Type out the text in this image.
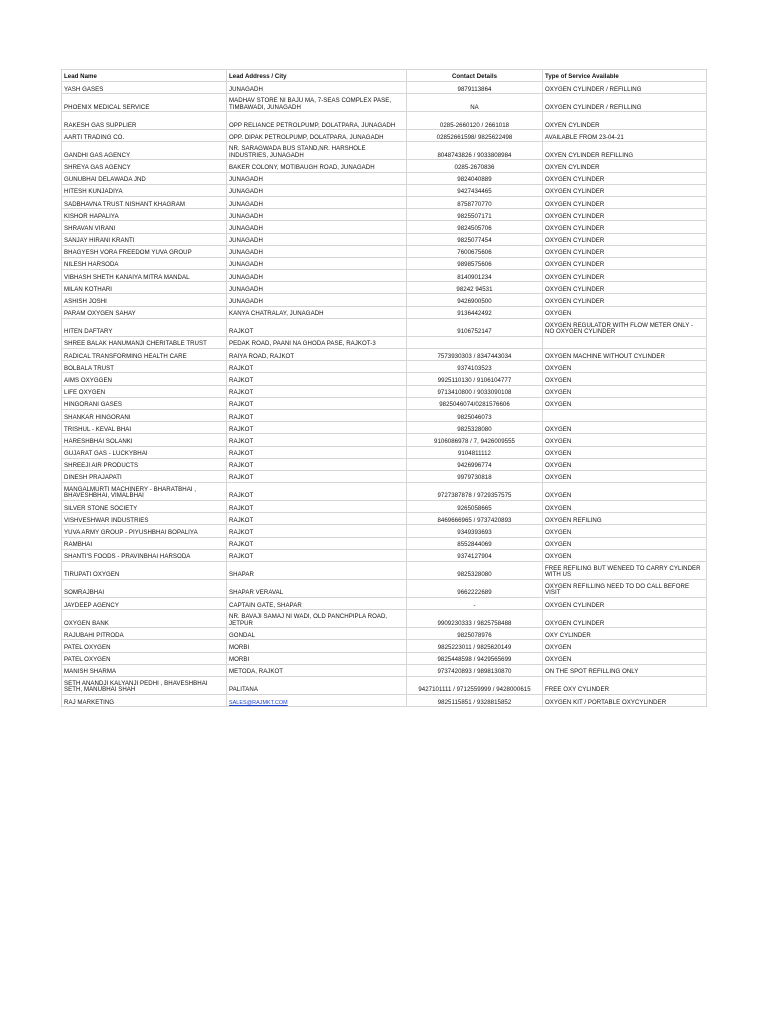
Lead Name	Lead Address / City	Contact Details	Type of Service Available
YASH GASES	JUNAGADH	9879113864	OXYGEN CYLINDER / REFILLING
PHOENIX MEDICAL SERVICE	MADHAV STORE NI BAJU MA, 7-SEAS COMPLEX PASE, TIMBAWADI, JUNAGADH	NA	OXYGEN CYLINDER / REFILLING
RAKESH GAS SUPPLIER	OPP RELIANCE PETROLPUMP, DOLATPARA, JUNAGADH	0285-2660120 / 2661018	OXYEN CYLINDER
AARTI TRADING CO.	OPP. DIPAK PETROLPUMP, DOLATPARA, JUNAGADH	02852661598/ 9825622498	AVAILABLE FROM 23-04-21
GANDHI GAS AGENCY	NR. SARAGWADA BUS STAND,NR. HARSHOLE INDUSTRIES, JUNAGADH	8048743826 / 9033808984	OXYEN CYLINDER REFILLING
SHREYA GAS AGENCY	BAKER COLONY, MOTIBAUGH ROAD, JUNAGADH	0285-2670836	OXYEN CYLINDER
GUNUBHAI DELAWADA JND	JUNAGADH	9824040889	OXYGEN CYLINDER
HITESH KUNJADIYA	JUNAGADH	9427434465	OXYGEN CYLINDER
SADBHAVNA TRUST NISHANT KHAGRAM	JUNAGADH	8758770770	OXYGEN CYLINDER
KISHOR HAPALIYA	JUNAGADH	9825507171	OXYGEN CYLINDER
SHRAVAN VIRANI	JUNAGADH	9824505706	OXYGEN CYLINDER
SANJAY HIRANI KRANTI	JUNAGADH	9825077454	OXYGEN CYLINDER
BHAGYESH VORA FREEDOM YUVA GROUP	JUNAGADH	7600675606	OXYGEN CYLINDER
NILESH HARSODA	JUNAGADH	9898575606	OXYGEN CYLINDER
VIBHASH SHETH KANAIYA MITRA MANDAL	JUNAGADH	8140901234	OXYGEN CYLINDER
MILAN KOTHARI	JUNAGADH	98242 94531	OXYGEN CYLINDER
ASHISH JOSHI	JUNAGADH	9426900500	OXYGEN CYLINDER
PARAM OXYGEN SAHAY	KANYA CHATRALAY, JUNAGADH	9136442492	OXYGEN
HITEN DAFTARY	RAJKOT	9106752147	OXYGEN REGULATOR WITH FLOW METER ONLY - NO OXYGEN CYLINDER
SHREE BALAK HANUMANJI CHERITABLE TRUST	PEDAK ROAD, PAANI NA GHODA PASE, RAJKOT-3		
RADICAL TRANSFORMING HEALTH CARE	RAIYA ROAD, RAJKOT	7573930303 / 8347443034	OXYGEN MACHINE WITHOUT CYLINDER
BOLBALA TRUST	RAJKOT	9374103523	OXYGEN
AIMS OXYGGEN	RAJKOT	9925110130 / 9106104777	OXYGEN
LIFE OXYGEN	RAJKOT	9713410800 / 9033090108	OXYGEN
HINGORANI GASES	RAJKOT	9825046074/0281576606	OXYGEN
SHANKAR HINGORANI	RAJKOT	9825046073	
TRISHUL - KEVAL BHAI	RAJKOT	9825328080	OXYGEN
HARESHBHAI SOLANKI	RAJKOT	9106086978 / 7, 9426009555	OXYGEN
GUJARAT GAS - LUCKYBHAI	RAJKOT	9104811112	OXYGEN
SHREEJI AIR PRODUCTS	RAJKOT	9426996774	OXYGEN
DINESH PRAJAPATI	RAJKOT	9979730818	OXYGEN
MANGALMURTI MACHINERY - BHARATBHAI , BHAVESHBHAI, VIMALBHAI	RAJKOT	9727387878 / 9729357575	OXYGEN
SILVER STONE SOCIETY	RAJKOT	9265058665	OXYGEN
VISHVESHWAR INDUSTRIES	RAJKOT	8469666965 / 9737420893	OXYGEN REFILING
YUVA ARMY GROUP - PIYUSHBHAI BOPALIYA	RAJKOT	9349393693	OXYGEN
RAMBHAI	RAJKOT	8552844069	OXYGEN
SHANTI'S FOODS - PRAVINBHAI HARSODA	RAJKOT	9374127904	OXYGEN
TIRUPATI OXYGEN	SHAPAR	9825328080	FREE REFILING BUT WENEED TO CARRY CYLINDER WITH US
SOMRAJBHAI	SHAPAR VERAVAL	9662222689	OXYGEN REFILLING NEED TO DO CALL BEFORE VISIT
JAYDEEP AGENCY	CAPTAIN GATE, SHAPAR	-	OXYGEN CYLINDER
OXYGEN BANK	NR. BAVAJI SAMAJ NI WADI, OLD PANCHPIPLA ROAD, JETPUR	9909230333 / 9825758488	OXYGEN CYLINDER
RAJUBAHI PITRODA	GONDAL	9825078976	OXY CYLINDER
PATEL OXYGEN	MORBI	9825223011 / 9825620149	OXYGEN
PATEL OXYGEN	MORBI	9825448598 / 9429565699	OXYGEN
MANISH SHARMA	METODA, RAJKOT	9737420893 / 9898130870	ON THE SPOT REFILLING ONLY
SETH ANANDJI KALYANJI PEDHI , BHAVESHBHAI SETH, MANUBHAI SHAH	PALITANA	9427101111 / 9712559999 / 9428000615	FREE OXY CYLINDER
RAJ MARKETING	SALES@RAJMKT.COM	9825115851 / 9328815852	OXYGEN KIT / PORTABLE OXYCYLINDER
